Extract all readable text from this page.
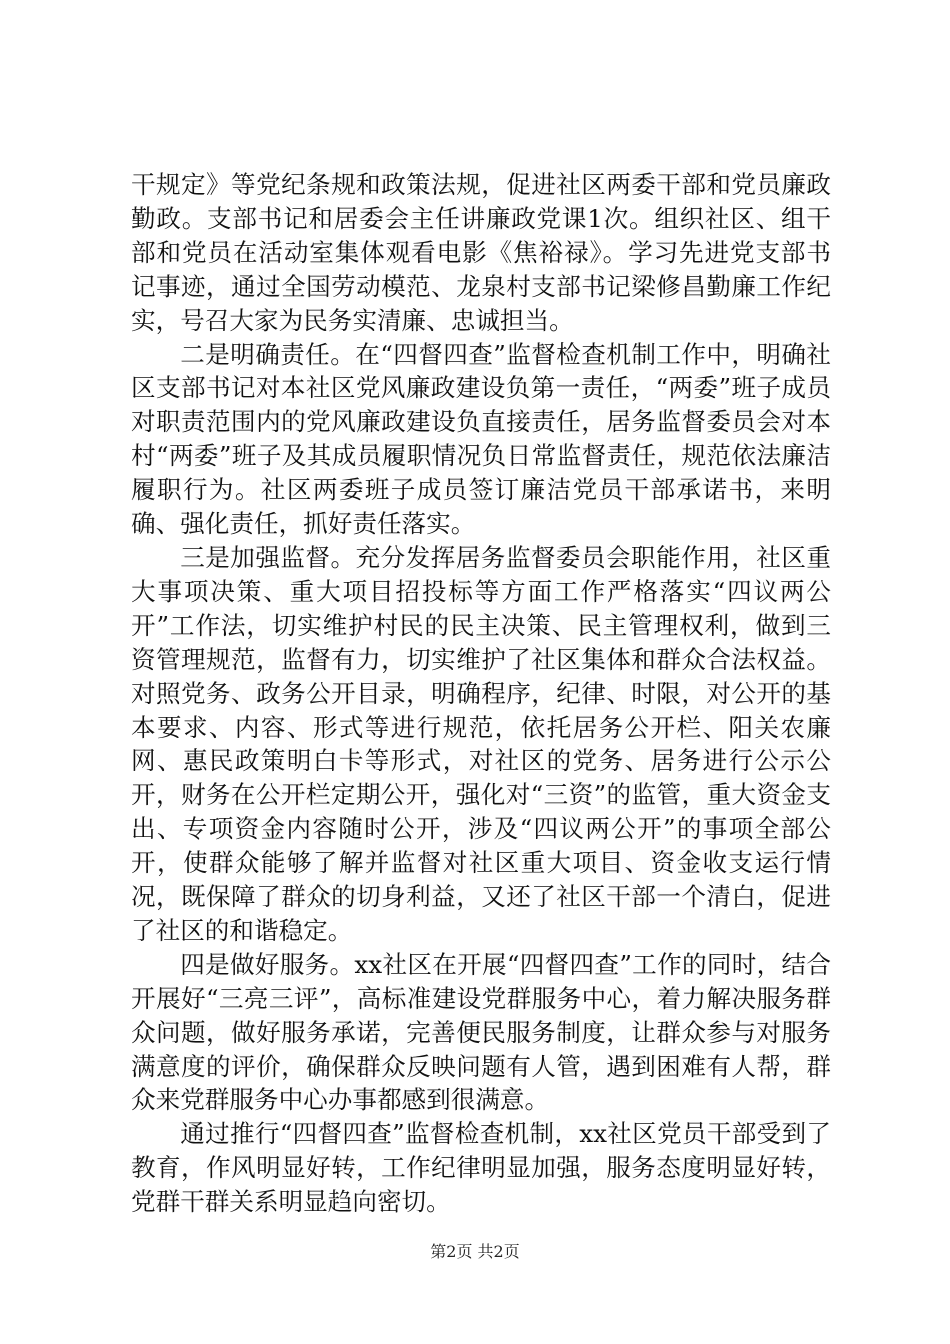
干规定》等党纪条规和政策法规，促进社区两委干部和党员廉政勤政。支部书记和居委会主任讲廉政党课1次。组织社区、组干部和党员在活动室集体观看电影《焦裕禄》。学习先进党支部书记事迹，通过全国劳动模范、龙泉村支部书记梁修昌勤廉工作纪实，号召大家为民务实清廉、忠诚担当。

二是明确责任。在“四督四查”监督检查机制工作中，明确社区支部书记对本社区党风廉政建设负第一责任，“两委”班子成员对职责范围内的党风廉政建设负直接责任，居务监督委员会对本村“两委”班子及其成员履职情况负日常监督责任，规范依法廉洁履职行为。社区两委班子成员签订廉洁党员干部承诺书，来明确、强化责任，抓好责任落实。

三是加强监督。充分发挥居务监督委员会职能作用，社区重大事项决策、重大项目招投标等方面工作严格落实“四议两公开”工作法，切实维护村民的民主决策、民主管理权利，做到三资管理规范，监督有力，切实维护了社区集体和群众合法权益。对照党务、政务公开目录，明确程序，纪律、时限，对公开的基本要求、内容、形式等进行规范，依托居务公开栏、阳关农廉网、惠民政策明白卡等形式，对社区的党务、居务进行公示公开，财务在公开栏定期公开，强化对“三资”的监管，重大资金支出、专项资金内容随时公开，涉及“四议两公开”的事项全部公开，使群众能够了解并监督对社区重大项目、资金收支运行情况，既保障了群众的切身利益，又还了社区干部一个清白，促进了社区的和谐稳定。

四是做好服务。xx社区在开展“四督四查”工作的同时，结合开展好“三亮三评”，高标准建设党群服务中心，着力解决服务群众问题，做好服务承诺，完善便民服务制度，让群众参与对服务满意度的评价，确保群众反映问题有人管，遇到困难有人帮，群众来党群服务中心办事都感到很满意。

通过推行“四督四查”监督检查机制，xx社区党员干部受到了教育，作风明显好转，工作纪律明显加强，服务态度明显好转，党群干群关系明显趋向密切。

第2页 共2页
